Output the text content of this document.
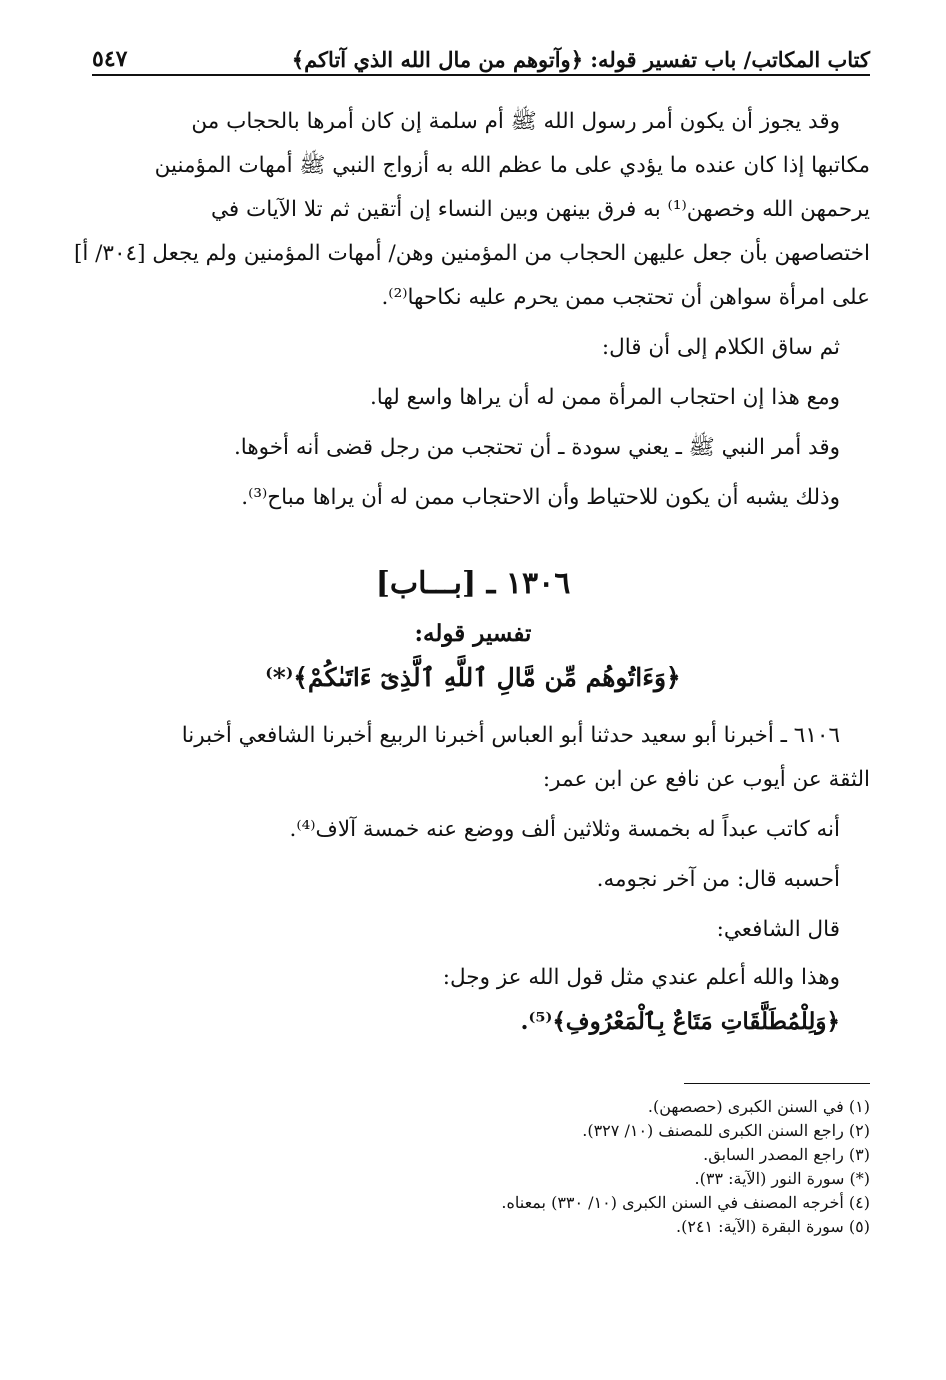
كتاب المكاتب/ باب تفسير قوله: ﴿وآتوهم من مال الله الذي آتاكم﴾
٥٤٧

وقد يجوز أن يكون أمر رسول الله ﷺ أم سلمة إن كان أمرها بالحجاب من

مكاتبها إذا كان عنده ما يؤدي على ما عظم الله به أزواج النبي ﷺ أمهات المؤمنين

يرحمهن الله وخصهن⁽¹⁾ به فرق بينهن وبين النساء إن أتقين ثم تلا الآيات في

اختصاصهن بأن جعل عليهن الحجاب من المؤمنين وهن/ أمهات المؤمنين ولم يجعل [٣٠٤/ أ]

على امرأة سواهن أن تحتجب ممن يحرم عليه نكاحها⁽²⁾.

ثم ساق الكلام إلى أن قال:

ومع هذا إن احتجاب المرأة ممن له أن يراها واسع لها.

وقد أمر النبي ﷺ ـ يعني سودة ـ أن تحتجب من رجل قضى أنه أخوها.

وذلك يشبه أن يكون للاحتياط وأن الاحتجاب ممن له أن يراها مباح⁽³⁾.

١٣٠٦ ـ [بـــاب]
تفسير قوله:
﴿وَءَاتُوهُم مِّن مَّالِ ٱللَّهِ ٱلَّذِىٓ ءَاتَىٰكُمْ﴾⁽*⁾

٦١٠٦ ـ أخبرنا أبو سعيد حدثنا أبو العباس أخبرنا الربيع أخبرنا الشافعي أخبرنا

الثقة عن أيوب عن نافع عن ابن عمر:

أنه كاتب عبداً له بخمسة وثلاثين ألف ووضع عنه خمسة آلاف⁽⁴⁾.

أحسبه قال: من آخر نجومه.

قال الشافعي:

وهذا والله أعلم عندي مثل قول الله عز وجل:

﴿وَلِلْمُطَلَّقَاتِ مَتَاعٌ بِٱلْمَعْرُوفِ﴾⁽⁵⁾.

(١) في السنن الكبرى (حصصهن).
(٢) راجع السنن الكبرى للمصنف (١٠/ ٣٢٧).
(٣) راجع المصدر السابق.
(*) سورة النور (الآية: ٣٣).
(٤) أخرجه المصنف في السنن الكبرى (١٠/ ٣٣٠) بمعناه.
(٥) سورة البقرة (الآية: ٢٤١).
